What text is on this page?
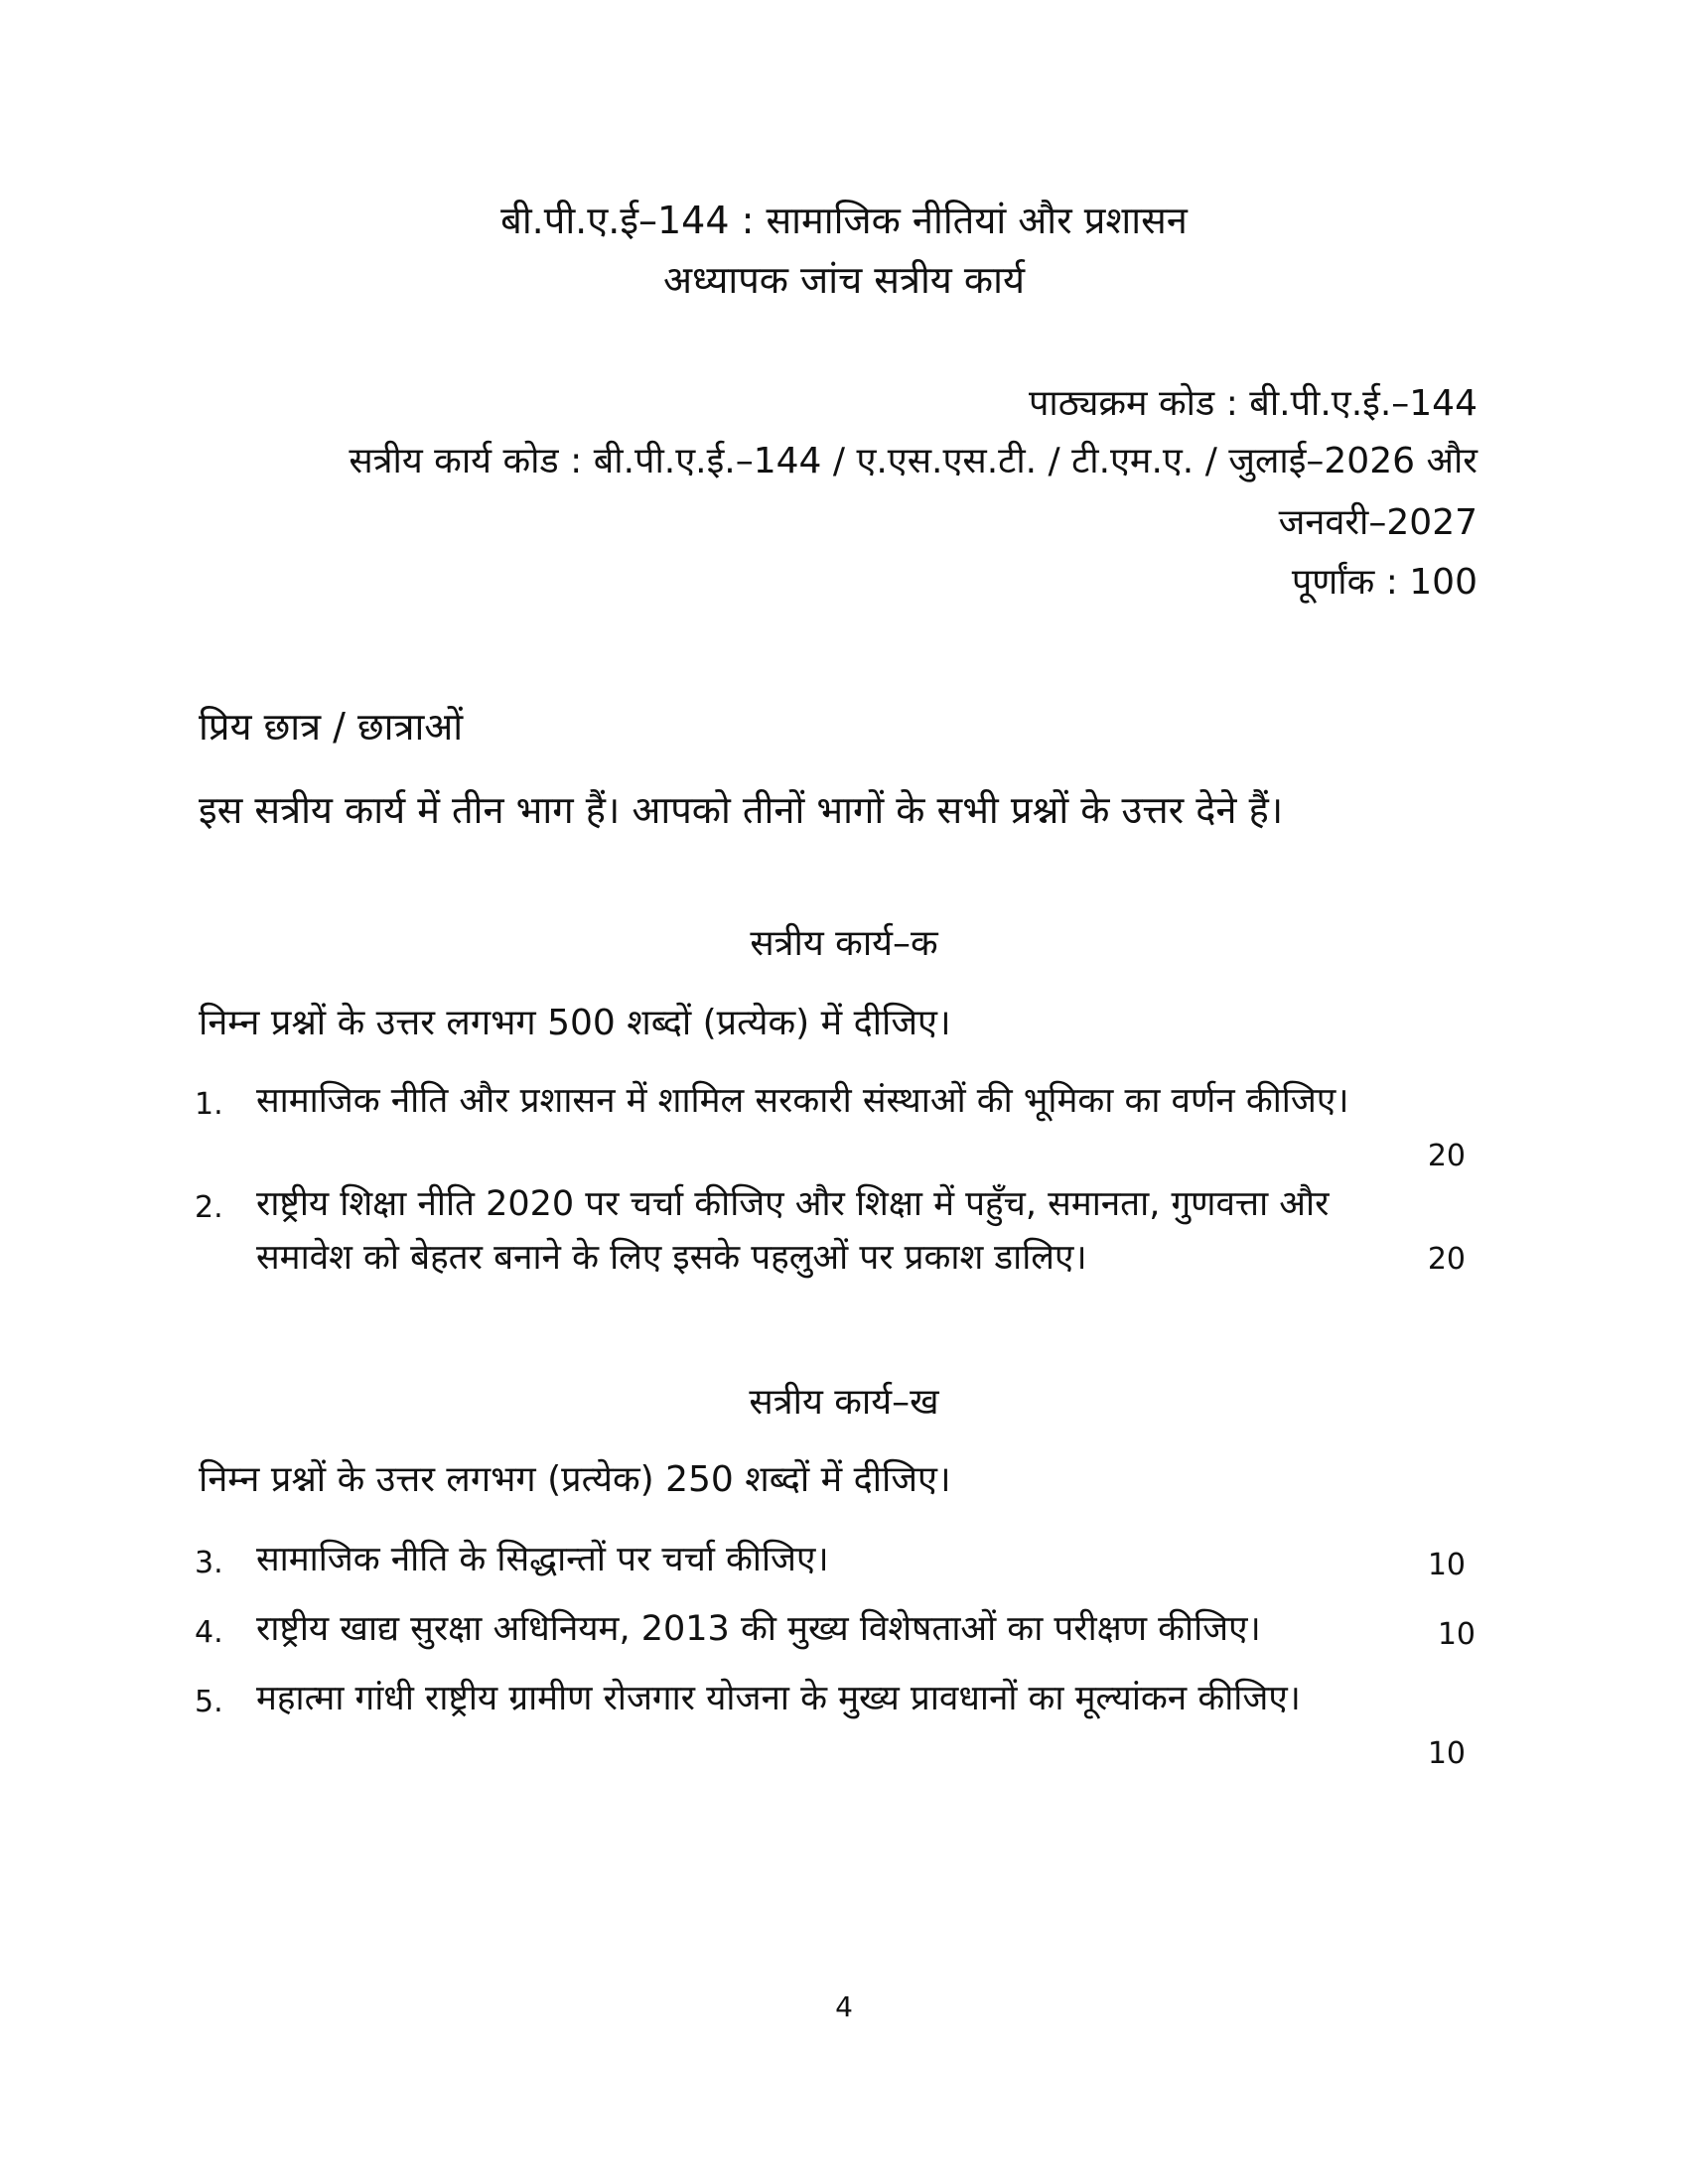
बी.पी.ए.ई–144 : सामाजिक नीतियां और प्रशासन
अध्यापक जांच सत्रीय कार्य
पाठ्यक्रम कोड : बी.पी.ए.ई.–144
सत्रीय कार्य कोड : बी.पी.ए.ई.–144 / ए.एस.एस.टी. / टी.एम.ए. / जुलाई–2026 और
जनवरी–2027
पूर्णांक : 100
प्रिय छात्र / छात्राओं
इस सत्रीय कार्य में तीन भाग हैं। आपको तीनों भागों के सभी प्रश्नों के उत्तर देने हैं।
सत्रीय कार्य–क
निम्न प्रश्नों के उत्तर लगभग 500 शब्दों (प्रत्येक) में दीजिए।
1. सामाजिक नीति और प्रशासन में शामिल सरकारी संस्थाओं की भूमिका का वर्णन कीजिए।
20
2. राष्ट्रीय शिक्षा नीति 2020 पर चर्चा कीजिए और शिक्षा में पहुँच, समानता, गुणवत्ता और समावेश को बेहतर बनाने के लिए इसके पहलुओं पर प्रकाश डालिए।	20
सत्रीय कार्य–ख
निम्न प्रश्नों के उत्तर लगभग (प्रत्येक) 250 शब्दों में दीजिए।
3. सामाजिक नीति के सिद्धान्तों पर चर्चा कीजिए।	10
4. राष्ट्रीय खाद्य सुरक्षा अधिनियम, 2013 की मुख्य विशेषताओं का परीक्षण कीजिए।	10
5. महात्मा गांधी राष्ट्रीय ग्रामीण रोजगार योजना के मुख्य प्रावधानों का मूल्यांकन कीजिए।
10
4
